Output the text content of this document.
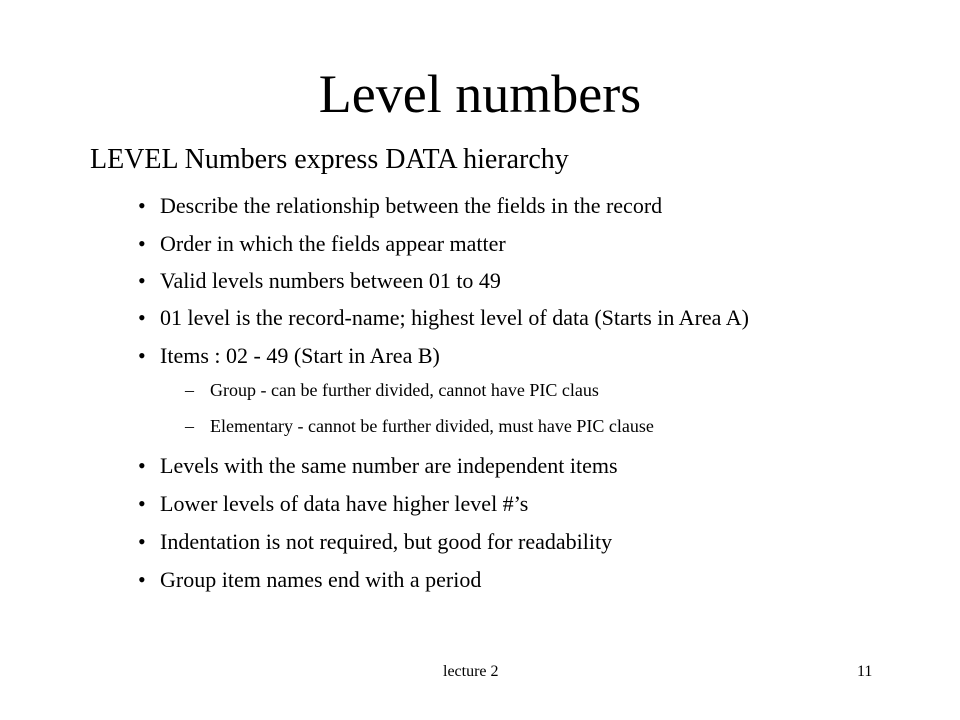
Level numbers
LEVEL Numbers express DATA hierarchy
• Describe the relationship between the fields in the record
• Order in which the fields appear matter
• Valid levels numbers between 01 to 49
• 01 level is the record-name; highest level of data (Starts in Area A)
• Items : 02 - 49 (Start in Area B)
– Group - can be further divided, cannot have PIC claus
– Elementary - cannot be further divided, must have PIC clause
• Levels with the same number are independent items
• Lower levels of data have higher level #’s
• Indentation is not required, but good for readability
• Group item names end with a period
lecture 2	11
